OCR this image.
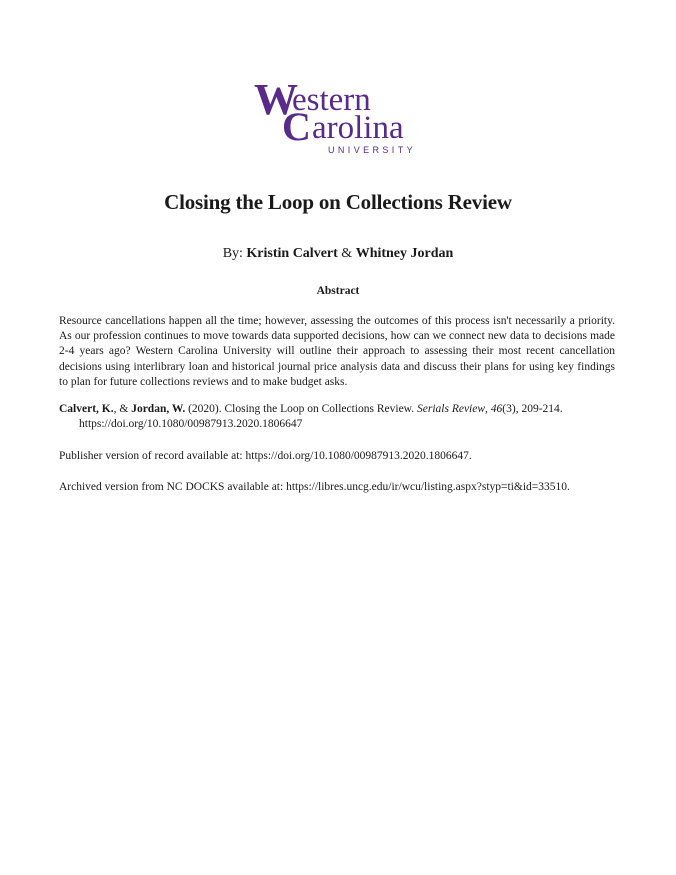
W
estern
C arolina
UNIVERSITY
Closing the Loop on Collections Review
By: Kristin Calvert & Whitney Jordan
Abstract
Resource cancellations happen all the time; however, assessing the outcomes of this process isn't necessarily a priority. As our profession continues to move towards data supported decisions, how can we connect new data to decisions made 2-4 years ago? Western Carolina University will outline their approach to assessing their most recent cancellation decisions using interlibrary loan and historical journal price analysis data and discuss their plans for using key findings to plan for future collections reviews and to make budget asks.
Calvert, K., & Jordan, W. (2020). Closing the Loop on Collections Review. Serials Review, 46(3), 209-214. https://doi.org/10.1080/00987913.2020.1806647
Publisher version of record available at: https://doi.org/10.1080/00987913.2020.1806647.
Archived version from NC DOCKS available at: https://libres.uncg.edu/ir/wcu/listing.aspx?styp=ti&id=33510.
